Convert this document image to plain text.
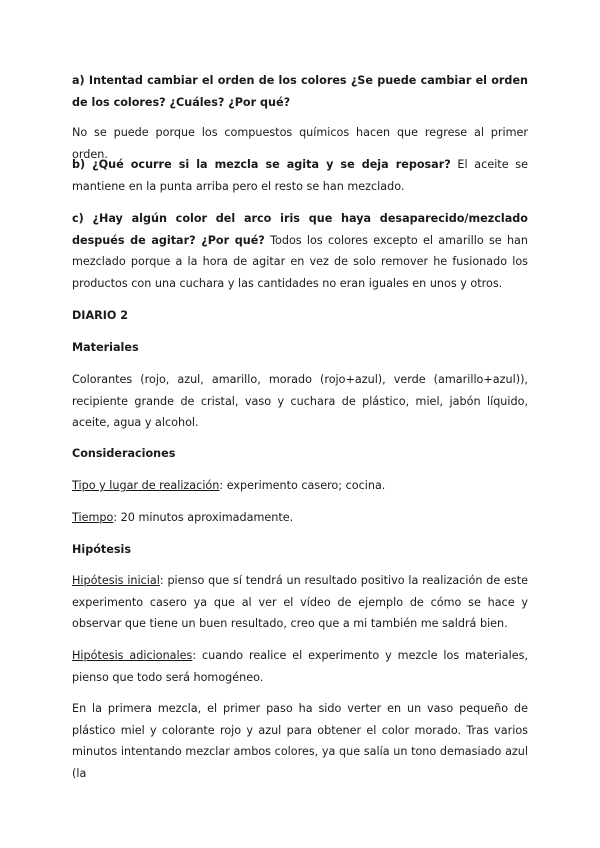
a) Intentad cambiar el orden de los colores ¿Se puede cambiar el orden de los colores? ¿Cuáles? ¿Por qué?
No se puede porque los compuestos químicos hacen que regrese al primer orden.
b) ¿Qué ocurre si la mezcla se agita y se deja reposar? El aceite se mantiene en la punta arriba pero el resto se han mezclado.
c) ¿Hay algún color del arco iris que haya desaparecido/mezclado después de agitar? ¿Por qué? Todos los colores excepto el amarillo se han mezclado porque a la hora de agitar en vez de solo remover he fusionado los productos con una cuchara y las cantidades no eran iguales en unos y otros.
DIARIO 2
Materiales
Colorantes (rojo, azul, amarillo, morado (rojo+azul), verde (amarillo+azul)), recipiente grande de cristal, vaso y cuchara de plástico, miel, jabón líquido, aceite, agua y alcohol.
Consideraciones
Tipo y lugar de realización: experimento casero; cocina.
Tiempo: 20 minutos aproximadamente.
Hipótesis
Hipótesis inicial: pienso que sí tendrá un resultado positivo la realización de este experimento casero ya que al ver el vídeo de ejemplo de cómo se hace y observar que tiene un buen resultado, creo que a mi también me saldrá bien.
Hipótesis adicionales: cuando realice el experimento y mezcle los materiales, pienso que todo será homogéneo.
En la primera mezcla, el primer paso ha sido verter en un vaso pequeño de plástico miel y colorante rojo y azul para obtener el color morado. Tras varios minutos intentando mezclar ambos colores, ya que salía un tono demasiado azul (la
